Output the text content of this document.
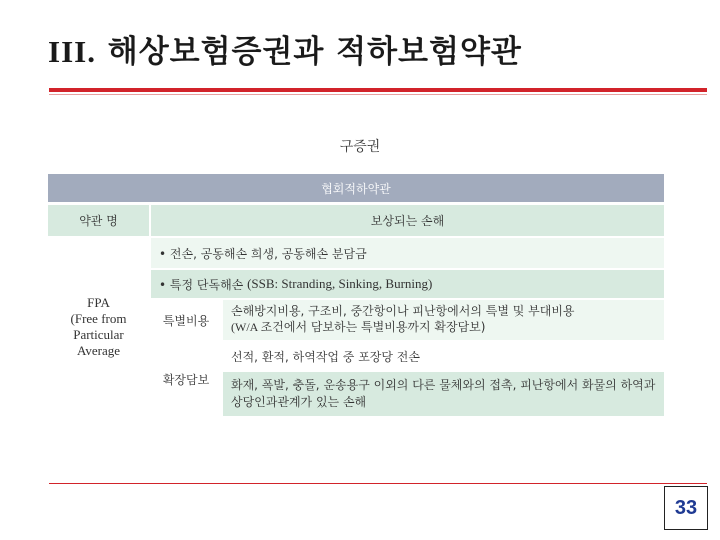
III. 해상보험증권과 적하보험약관
구증권
협회적하약관
약관 명	보상되는 손해
FPA
(Free from
Particular
Average
• 전손, 공동해손 희생, 공동해손 분담금
• 특정 단독해손
(SSB: Stranding, Sinking, Burning)
특별비용
손해방지비용, 구조비, 중간항이나 피난항에서의 특별 및 부대비용
(W/A 조건에서 담보하는 특별비용까지 확장담보)
확장담보
선적, 환적, 하역작업 중 포장당 전손
화재, 폭발, 충돌, 운송용구 이외의 다른 물체와의 접촉, 피난항에서 화물의 하역과 상당인과관계가 있는 손해
33
